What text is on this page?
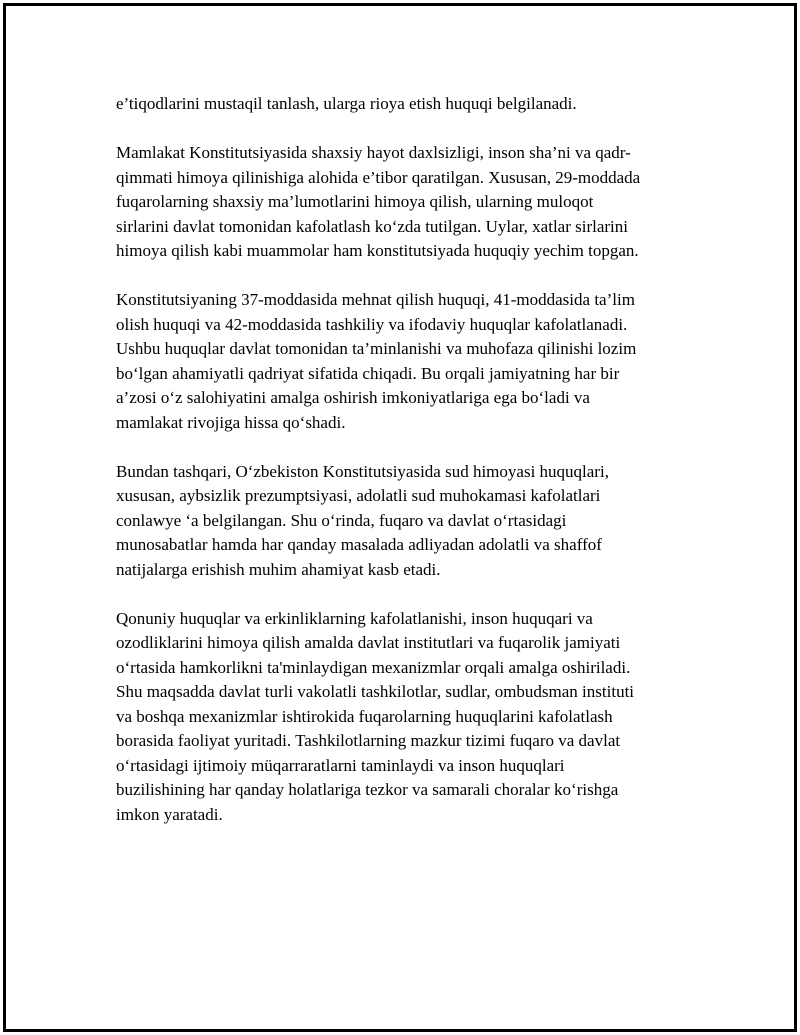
e’tiqodlarini mustaqil tanlash, ularga rioya etish huquqi belgilanadi.
Mamlakat Konstitutsiyasida shaxsiy hayot daxlsizligi, inson sha’ni va qadr-
qimmati himoya qilinishiga alohida e’tibor qaratilgan. Xususan, 29-moddada
fuqarolarning shaxsiy ma’lumotlarini himoya qilish, ularning muloqot
sirlarini davlat tomonidan kafolatlash ko‘zda tutilgan. Uylar, xatlar sirlarini
himoya qilish kabi muammolar ham konstitutsiyada huquqiy yechim topgan.
Konstitutsiyaning 37-moddasida mehnat qilish huquqi, 41-moddasida ta’lim
olish huquqi va 42-moddasida tashkiliy va ifodaviy huquqlar kafolatlanadi.
Ushbu huquqlar davlat tomonidan ta’minlanishi va muhofaza qilinishi lozim
bo‘lgan ahamiyatli qadriyat sifatida chiqadi. Bu orqali jamiyatning har bir
a’zosi o‘z salohiyatini amalga oshirish imkoniyatlariga ega bo‘ladi va
mamlakat rivojiga hissa qo‘shadi.
Bundan tashqari, O‘zbekiston Konstitutsiyasida sud himoyasi huquqlari,
xususan, aybsizlik prezumptsiyasi, adolatli sud muhokamasi kafolatlari
conlawye ‘a belgilangan. Shu o‘rinda, fuqaro va davlat o‘rtasidagi
munosabatlar hamda har qanday masalada adliyadan adolatli va shaffof
natijalarga erishish muhim ahamiyat kasb etadi.
Qonuniy huquqlar va erkinliklarning kafolatlanishi, inson huquqari va
ozodliklarini himoya qilish amalda davlat institutlari va fuqarolik jamiyati
o‘rtasida hamkorlikni ta'minlaydigan mexanizmlar orqali amalga oshiriladi.
Shu maqsadda davlat turli vakolatli tashkilotlar, sudlar, ombudsman instituti
va boshqa mexanizmlar ishtirokida fuqarolarning huquqlarini kafolatlash
borasida faoliyat yuritadi. Tashkilotlarning mazkur tizimi fuqaro va davlat
o‘rtasidagi ijtimoiy müqarraratlarni taminlaydi va inson huquqlari
buzilishining har qanday holatlariga tezkor va samarali choralar ko‘rishga
imkon yaratadi.
